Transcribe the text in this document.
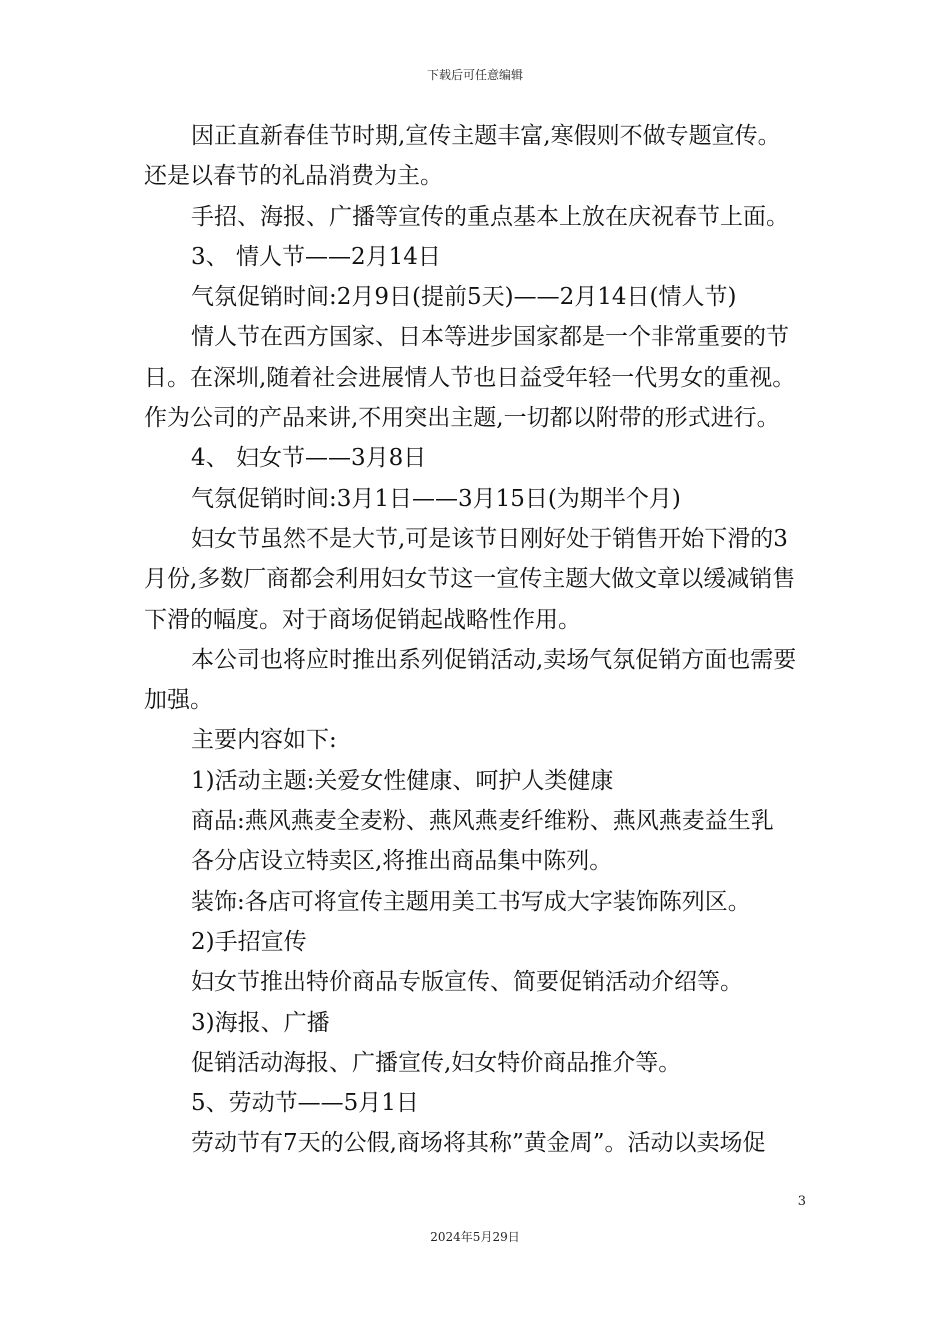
下载后可任意编辑
因正直新春佳节时期,宣传主题丰富,寒假则不做专题宣传。
还是以春节的礼品消费为主。
手招、海报、广播等宣传的重点基本上放在庆祝春节上面。
3、 情人节——2月14日
气氛促销时间:2月9日(提前5天)——2月14日(情人节)
情人节在西方国家、日本等进步国家都是一个非常重要的节
日。在深圳,随着社会进展情人节也日益受年轻一代男女的重视。
作为公司的产品来讲,不用突出主题,一切都以附带的形式进行。
4、 妇女节——3月8日
气氛促销时间:3月1日——3月15日(为期半个月)
妇女节虽然不是大节,可是该节日刚好处于销售开始下滑的3
月份,多数厂商都会利用妇女节这一宣传主题大做文章以缓减销售
下滑的幅度。对于商场促销起战略性作用。
本公司也将应时推出系列促销活动,卖场气氛促销方面也需要
加强。
主要内容如下:
1)活动主题:关爱女性健康、呵护人类健康
商品:燕风燕麦全麦粉、燕风燕麦纤维粉、燕风燕麦益生乳
各分店设立特卖区,将推出商品集中陈列。
装饰:各店可将宣传主题用美工书写成大字装饰陈列区。
2)手招宣传
妇女节推出特价商品专版宣传、简要促销活动介绍等。
3)海报、广播
促销活动海报、广播宣传,妇女特价商品推介等。
5、劳动节——5月1日
劳动节有7天的公假,商场将其称”黄金周”。活动以卖场促
3
2024年5月29日
